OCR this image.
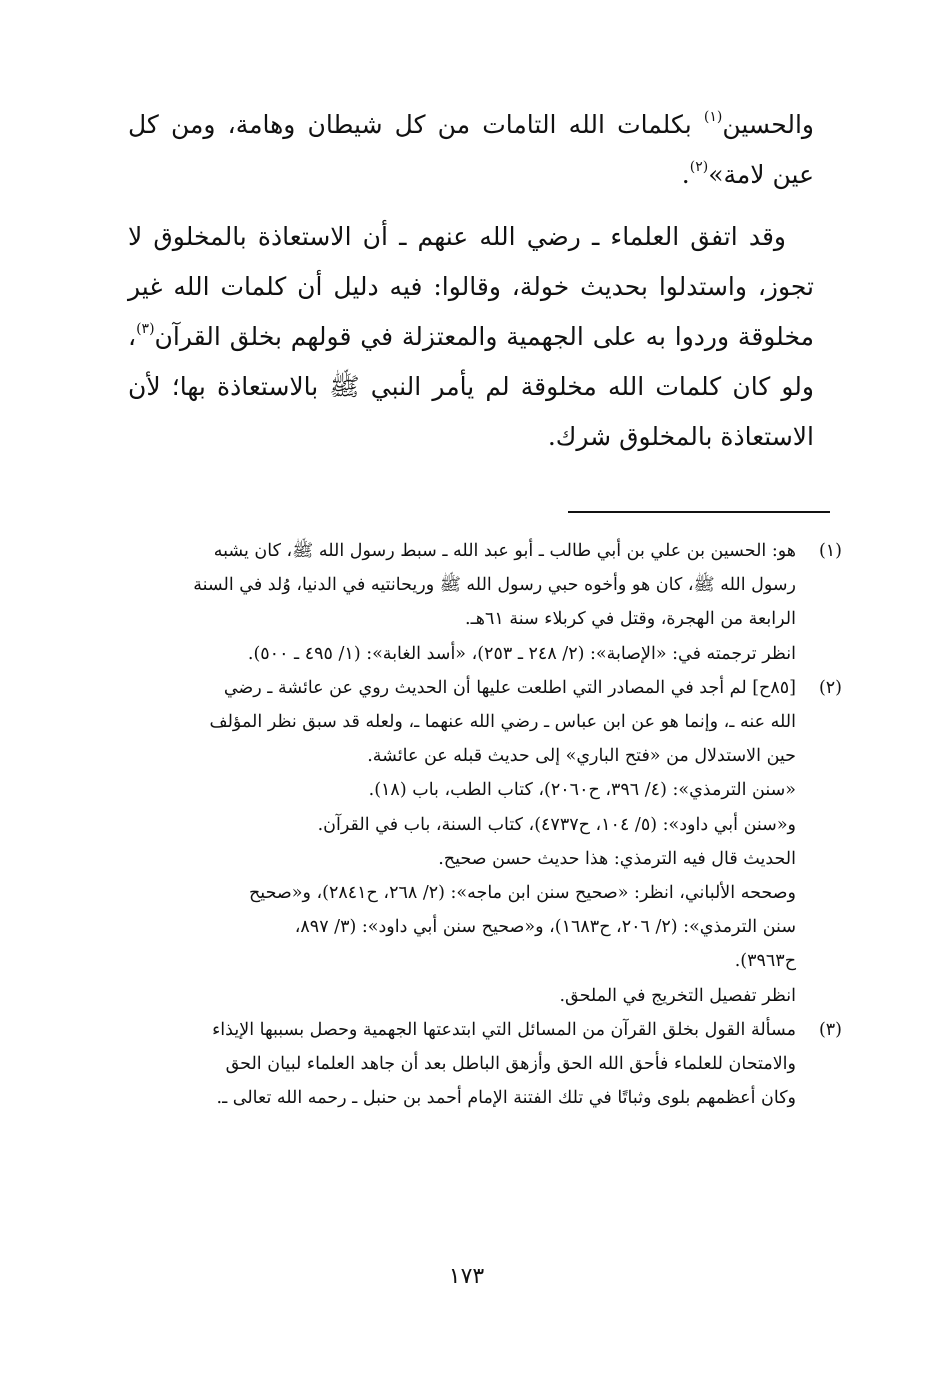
والحسين$^{(١)}$ بكلمات الله التامات من كل شيطان وهامة، ومن كل عين لامة»$^{(٢)}$.

وقد اتفق العلماء ـ رضي الله عنهم ـ أن الاستعاذة بالمخلوق لا تجوز، واستدلوا بحديث خولة، وقالوا: فيه دليل أن كلمات الله غير مخلوقة وردوا به على الجهمية والمعتزلة في قولهم بخلق القرآن$^{(٣)}$، ولو كان كلمات الله مخلوقة لم يأمر النبي ﷺ بالاستعاذة بها؛ لأن الاستعاذة بالمخلوق شرك.

(١)
هو: الحسين بن علي بن أبي طالب ـ أبو عبد الله ـ سبط رسول الله ﷺ، كان يشبه
رسول الله ﷺ، كان هو وأخوه حبي رسول الله ﷺ وريحانتيه في الدنيا، وُلد في السنة
الرابعة من الهجرة، وقتل في كربلاء سنة ٦١هـ.
انظر ترجمته في: «الإصابة»: (٢/ ٢٤٨ ـ ٢٥٣)، «أسد الغابة»: (١/ ٤٩٥ ـ ٥٠٠).
(٢)
[٨٥ح] لم أجد في المصادر التي اطلعت عليها أن الحديث روي عن عائشة ـ رضي
الله عنه ـ، وإنما هو عن ابن عباس ـ رضي الله عنهما ـ، ولعله قد سبق نظر المؤلف
حين الاستدلال من «فتح الباري» إلى حديث قبله عن عائشة.
«سنن الترمذي»: (٤/ ٣٩٦، ح٢٠٦٠)، كتاب الطب، باب (١٨).
و«سنن أبي داود»: (٥/ ١٠٤، ح٤٧٣٧)، كتاب السنة، باب في القرآن.
الحديث قال فيه الترمذي: هذا حديث حسن صحيح.
وصححه الألباني، انظر: «صحيح سنن ابن ماجه»: (٢/ ٢٦٨، ح٢٨٤١)، و«صحيح
سنن الترمذي»: (٢/ ٢٠٦، ح١٦٨٣)، و«صحيح سنن أبي داود»: (٣/ ٨٩٧،
ح٣٩٦٣).
انظر تفصيل التخريج في الملحق.
(٣)
مسألة القول بخلق القرآن من المسائل التي ابتدعتها الجهمية وحصل بسببها الإيذاء
والامتحان للعلماء فأحق الله الحق وأزهق الباطل بعد أن جاهد العلماء لبيان الحق
وكان أعظمهم بلوى وثباتًا في تلك الفتنة الإمام أحمد بن حنبل ـ رحمه الله تعالى ـ.
١٧٣
